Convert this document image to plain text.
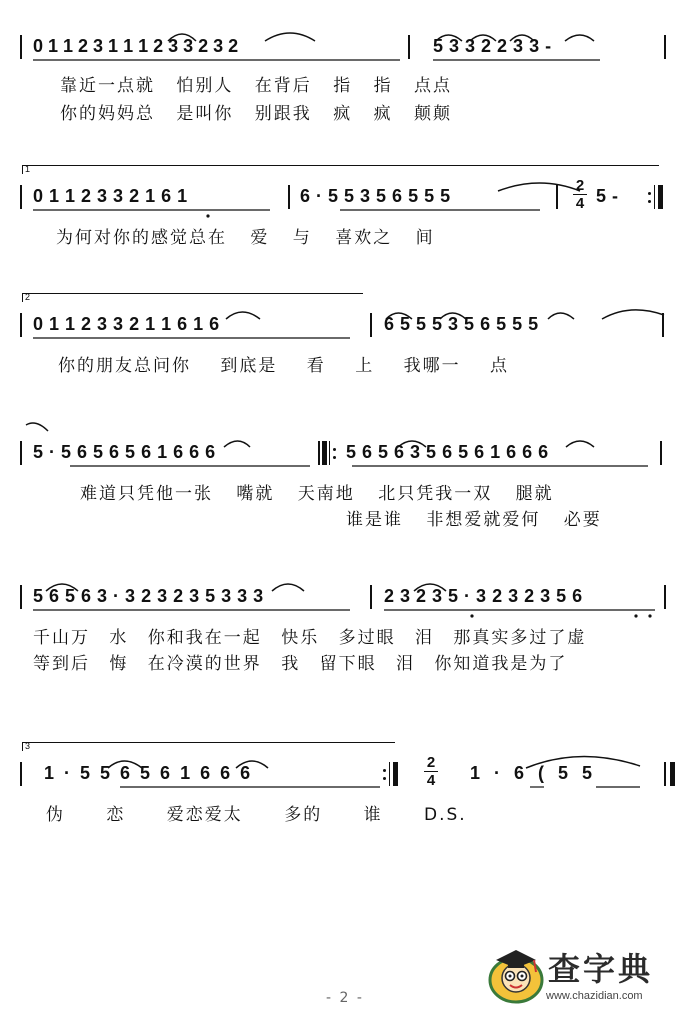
0 1 1 2 3 1 1 1 2 3 3 2 3 2	5 3 3 2 2 3 3 -
靠近一点就 怕别人 在背后 指 指 点点
你的妈妈总 是叫你 别跟我 疯 疯 颠颠
1
0 1 1 2 3 3 2 1 6 1	6 · 5 5 3 5 6 5 5 5
2
4 5 -
为何对你的感觉总在 爱 与 喜欢之 间
2
0 1 1 2 3 3 2 1 1 6 1 6	6 5 5 5 3 5 6 5 5 5
你的朋友总问你 到底是 看 上 我哪一 点
5 · 5 6 5 6 5 6 1 6 6 6	5 6 5 6 3 5 6 5 6 1 6 6 6
难道只凭他一张 嘴就 天南地 北只凭我一双 腿就
谁是谁 非想爱就爱何 必要
5 6 5 6 3 · 3 2 3 2 3 5 3 3 3	2 3 2 3 5 · 3 2 3 2 3 5 6
千山万 水 你和我在一起 快乐 多过眼 泪 那真实多过了虚
等到后 悔 在冷漠的世界 我 留下眼 泪 你知道我是为了
3
1 · 5 5 6 5 6 1 6 6 6
2
4 1 · 6 ( 5 5
伪 恋 爱恋爱太 多的 谁 D.S.
- 2 -
查字典
www.chazidian.com
